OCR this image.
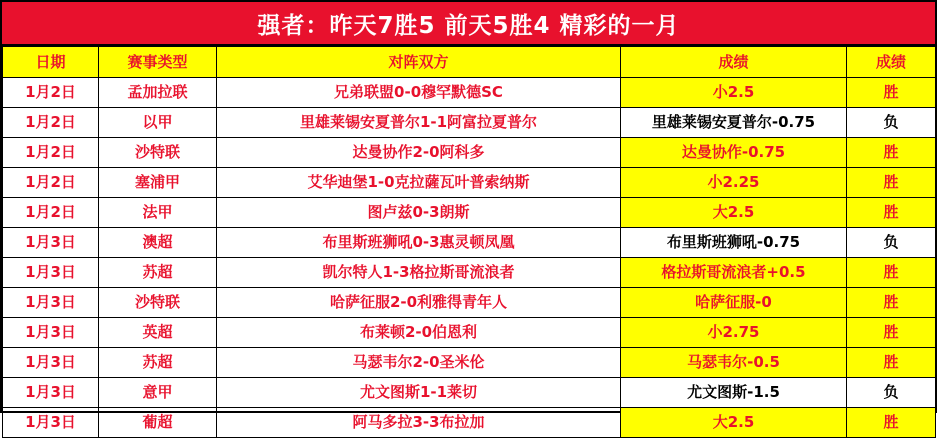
强者：昨天7胜5 前天5胜4 精彩的一月
日期	赛事类型	对阵双方	成绩	成绩
1月2日	孟加拉联	兄弟联盟0-0穆罕默德SC	小2.5	胜
1月2日	以甲	里雄莱锡安夏普尔1-1阿富拉夏普尔	里雄莱锡安夏普尔-0.75	负
1月2日	沙特联	达曼协作2-0阿科多	达曼协作-0.75	胜
1月2日	塞浦甲	艾华迪堡1-0克拉薩瓦叶普索纳斯	小2.25	胜
1月2日	法甲	图卢兹0-3朗斯	大2.5	胜
1月3日	澳超	布里斯班狮吼0-3惠灵顿凤凰	布里斯班狮吼-0.75	负
1月3日	苏超	凯尔特人1-3格拉斯哥流浪者	格拉斯哥流浪者+0.5	胜
1月3日	沙特联	哈萨征服2-0利雅得青年人	哈萨征服-0	胜
1月3日	英超	布莱顿2-0伯恩利	小2.75	胜
1月3日	苏超	马瑟韦尔2-0圣米伦	马瑟韦尔-0.5	胜
1月3日	意甲	尤文图斯1-1莱切	尤文图斯-1.5	负
1月3日	葡超	阿马多拉3-3布拉加	大2.5	胜
